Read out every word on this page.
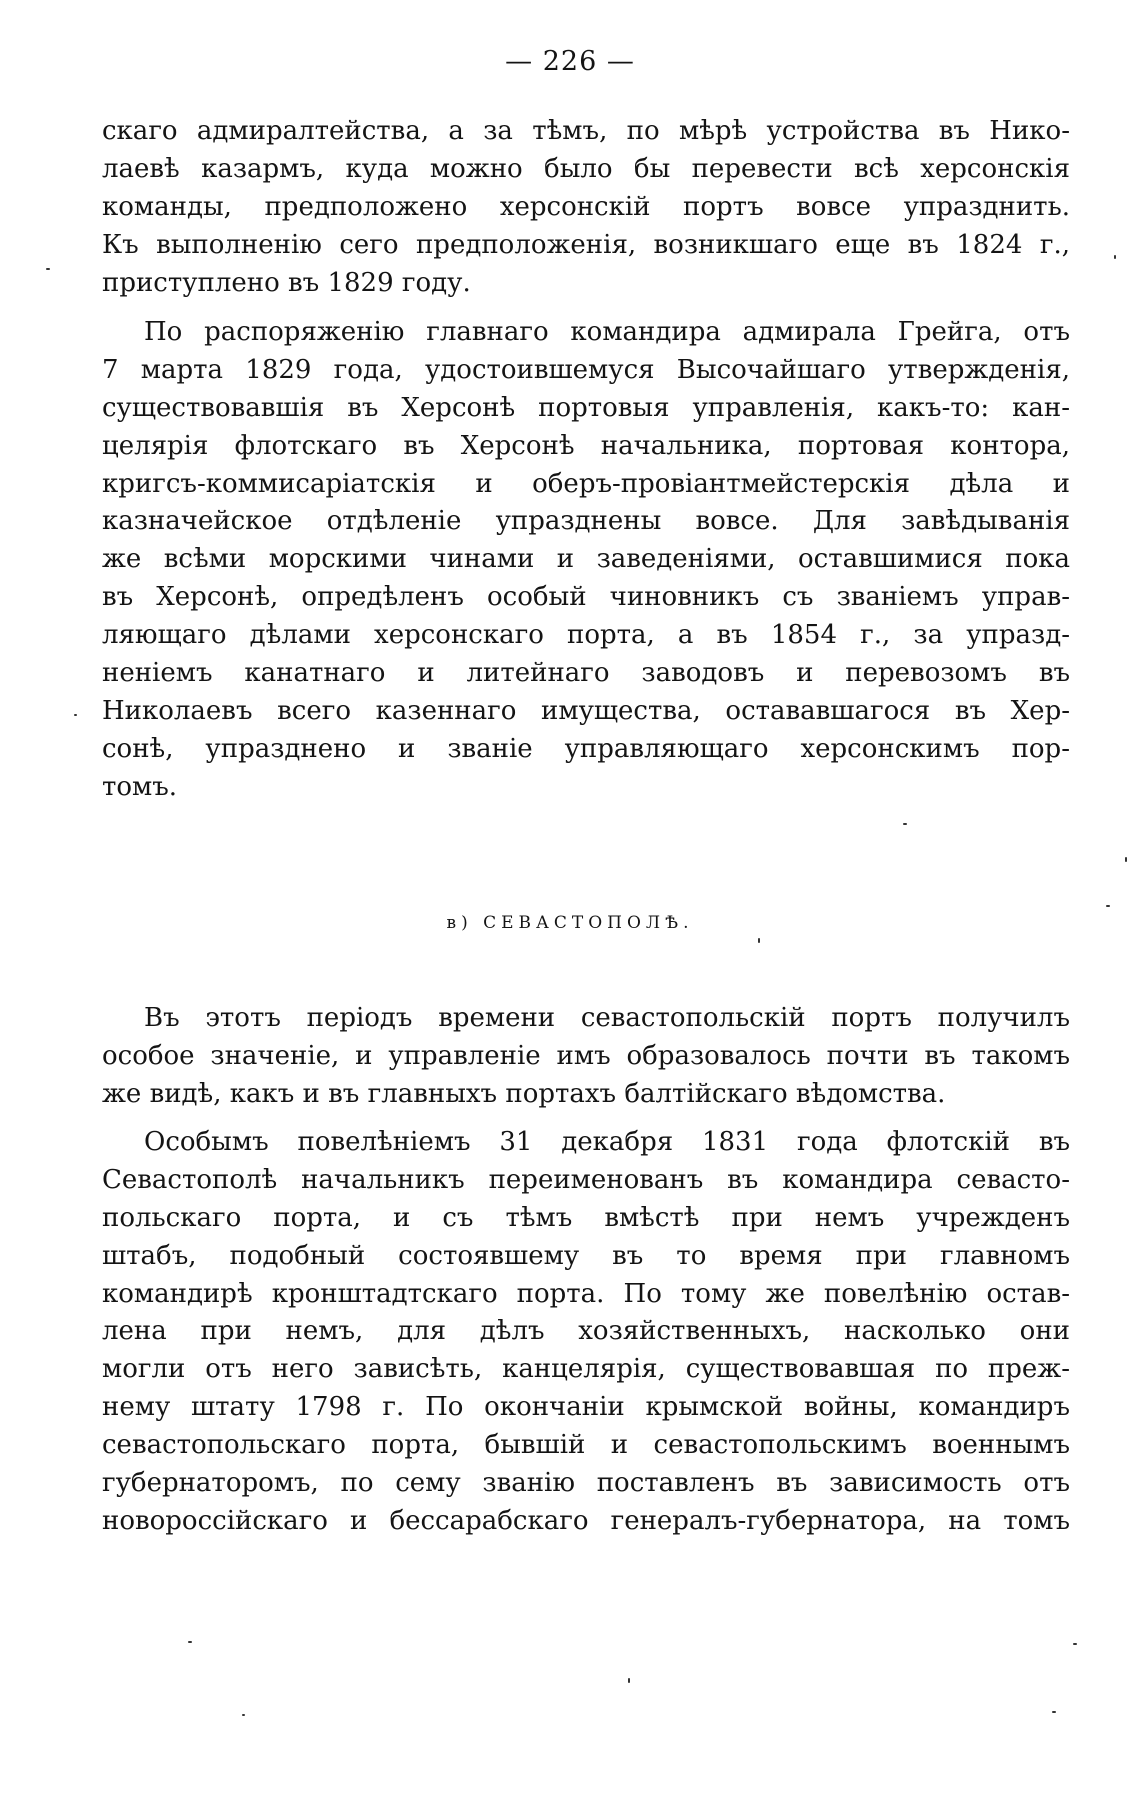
— 226 —
скаго адмиралтейства, а за тѣмъ, по мѣрѣ устройства въ Нико-
лаевѣ казармъ, куда можно было бы перевести всѣ херсонскія
команды, предположено херсонскій портъ вовсе упразднить.
Къ выполненію сего предположенія, возникшаго еще въ 1824 г.,
приступлено въ 1829 году.
По распоряженію главнаго командира адмирала Грейга, отъ
7 марта 1829 года, удостоившемуся Высочайшаго утвержденія,
существовавшія въ Херсонѣ портовыя управленія, какъ-то: кан-
целярія флотскаго въ Херсонѣ начальника, портовая контора,
кригсъ-коммисаріатскія и оберъ-провіантмейстерскія дѣла и
казначейское отдѣленіе упразднены вовсе. Для завѣдыванія
же всѣми морскими чинами и заведеніями, оставшимися пока
въ Херсонѣ, опредѣленъ особый чиновникъ съ званіемъ управ-
ляющаго дѣлами херсонскаго порта, а въ 1854 г., за упразд-
неніемъ канатнаго и литейнаго заводовъ и перевозомъ въ
Николаевъ всего казеннаго имущества, остававшагося въ Хер-
сонѣ, упразднено и званіе управляющаго херсонскимъ пор-
томъ.
в) СЕВАСТОПОЛѢ.
Въ этотъ періодъ времени севастопольскій портъ получилъ
особое значеніе, и управленіе имъ образовалось почти въ такомъ
же видѣ, какъ и въ главныхъ портахъ балтійскаго вѣдомства.
Особымъ повелѣніемъ 31 декабря 1831 года флотскій въ
Севастополѣ начальникъ переименованъ въ командира севасто-
польскаго порта, и съ тѣмъ вмѣстѣ при немъ учрежденъ
штабъ, подобный состоявшему въ то время при главномъ
командирѣ кронштадтскаго порта. По тому же повелѣнію остав-
лена при немъ, для дѣлъ хозяйственныхъ, насколько они
могли отъ него зависѣть, канцелярія, существовавшая по преж-
нему штату 1798 г. По окончаніи крымской войны, командиръ
севастопольскаго порта, бывшій и севастопольскимъ военнымъ
губернаторомъ, по сему званію поставленъ въ зависимость отъ
новороссійскаго и бессарабскаго генералъ-губернатора, на томъ
